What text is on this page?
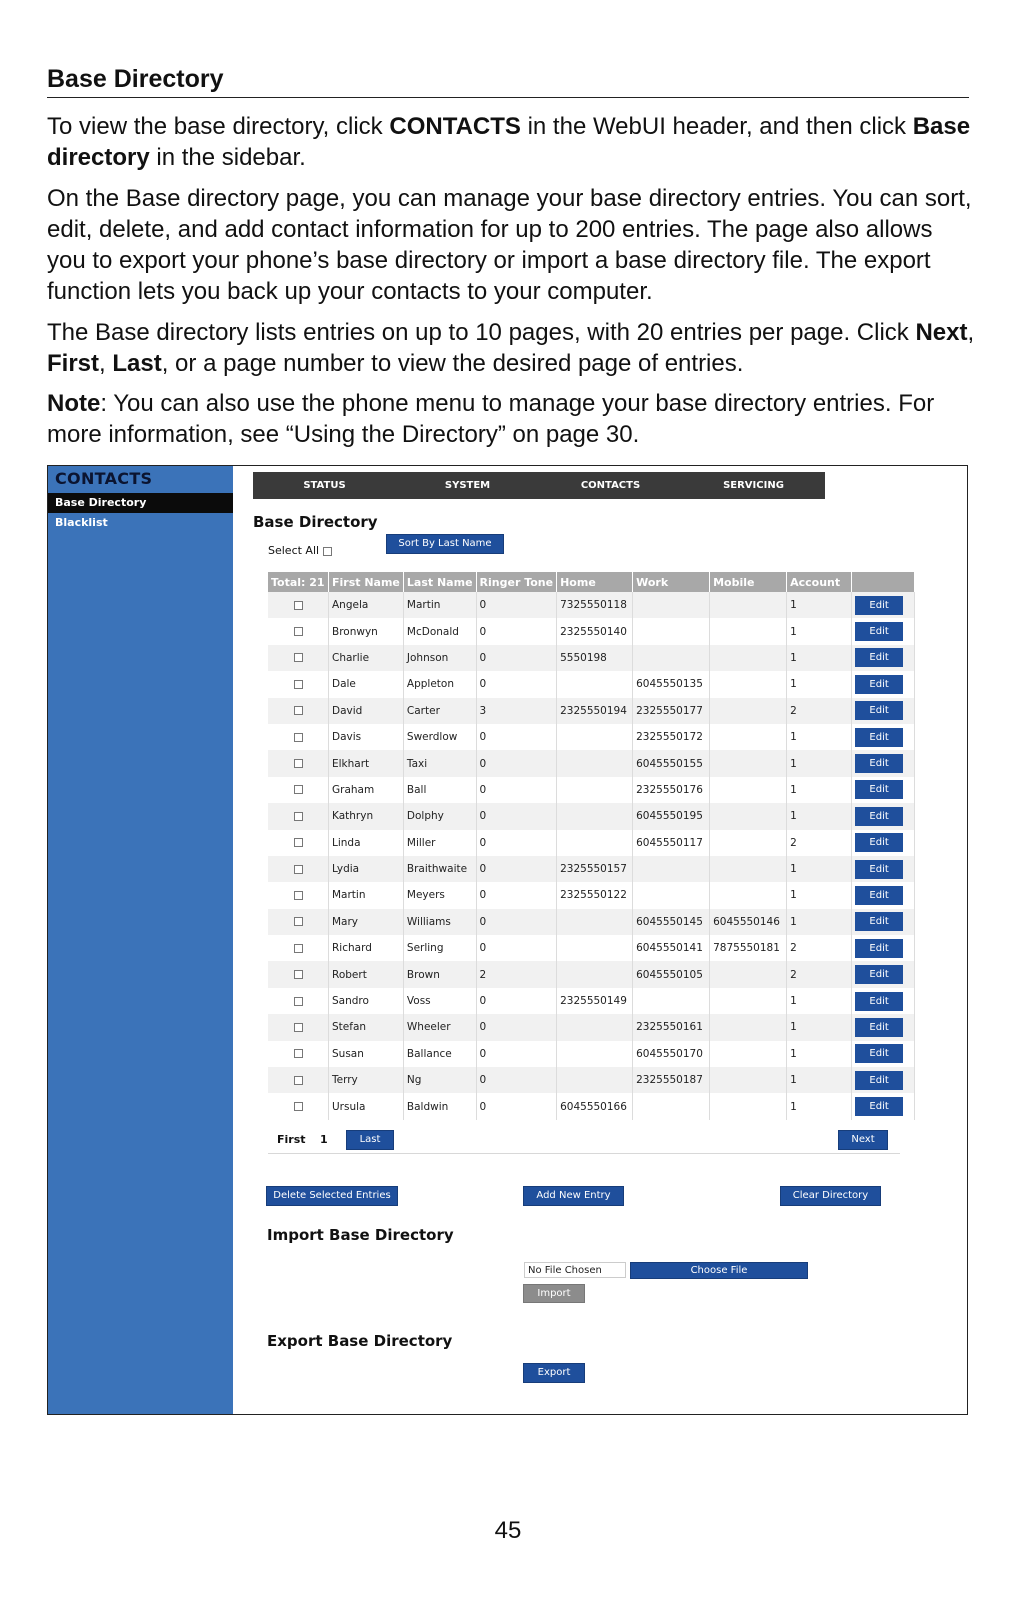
Base Directory

To view the base directory, click CONTACTS in the WebUI header, and then click Base directory in the sidebar.

On the Base directory page, you can manage your base directory entries. You can sort, edit, delete, and add contact information for up to 200 entries. The page also allows you to export your phone’s base directory or import a base directory file. The export function lets you back up your contacts to your computer.

The Base directory lists entries on up to 10 pages, with 20 entries per page. Click Next, First, Last, or a page number to view the desired page of entries.

Note: You can also use the phone menu to manage your base directory entries. For more information, see “Using the Directory” on page 30.

CONTACTS
Base Directory
Blacklist
STATUS	SYSTEM	CONTACTS	SERVICING
Base Directory
Select All
Sort By Last Name
Total: 21	First Name	Last Name	Ringer Tone	Home	Work	Mobile	Account	
	Angela	Martin	0	7325550118			1	Edit
	Bronwyn	McDonald	0	2325550140			1	Edit
	Charlie	Johnson	0	5550198			1	Edit
	Dale	Appleton	0		6045550135		1	Edit
	David	Carter	3	2325550194	2325550177		2	Edit
	Davis	Swerdlow	0		2325550172		1	Edit
	Elkhart	Taxi	0		6045550155		1	Edit
	Graham	Ball	0		2325550176		1	Edit
	Kathryn	Dolphy	0		6045550195		1	Edit
	Linda	Miller	0		6045550117		2	Edit
	Lydia	Braithwaite	0	2325550157			1	Edit
	Martin	Meyers	0	2325550122			1	Edit
	Mary	Williams	0		6045550145	6045550146	1	Edit
	Richard	Serling	0		6045550141	7875550181	2	Edit
	Robert	Brown	2		6045550105		2	Edit
	Sandro	Voss	0	2325550149			1	Edit
	Stefan	Wheeler	0		2325550161		1	Edit
	Susan	Ballance	0		6045550170		1	Edit
	Terry	Ng	0		2325550187		1	Edit
	Ursula	Baldwin	0	6045550166			1	Edit
First 1	Last	Next
Delete Selected Entries	Add New Entry	Clear Directory
Import Base Directory
No File Chosen	Choose File
Import
Export Base Directory
Export
45
